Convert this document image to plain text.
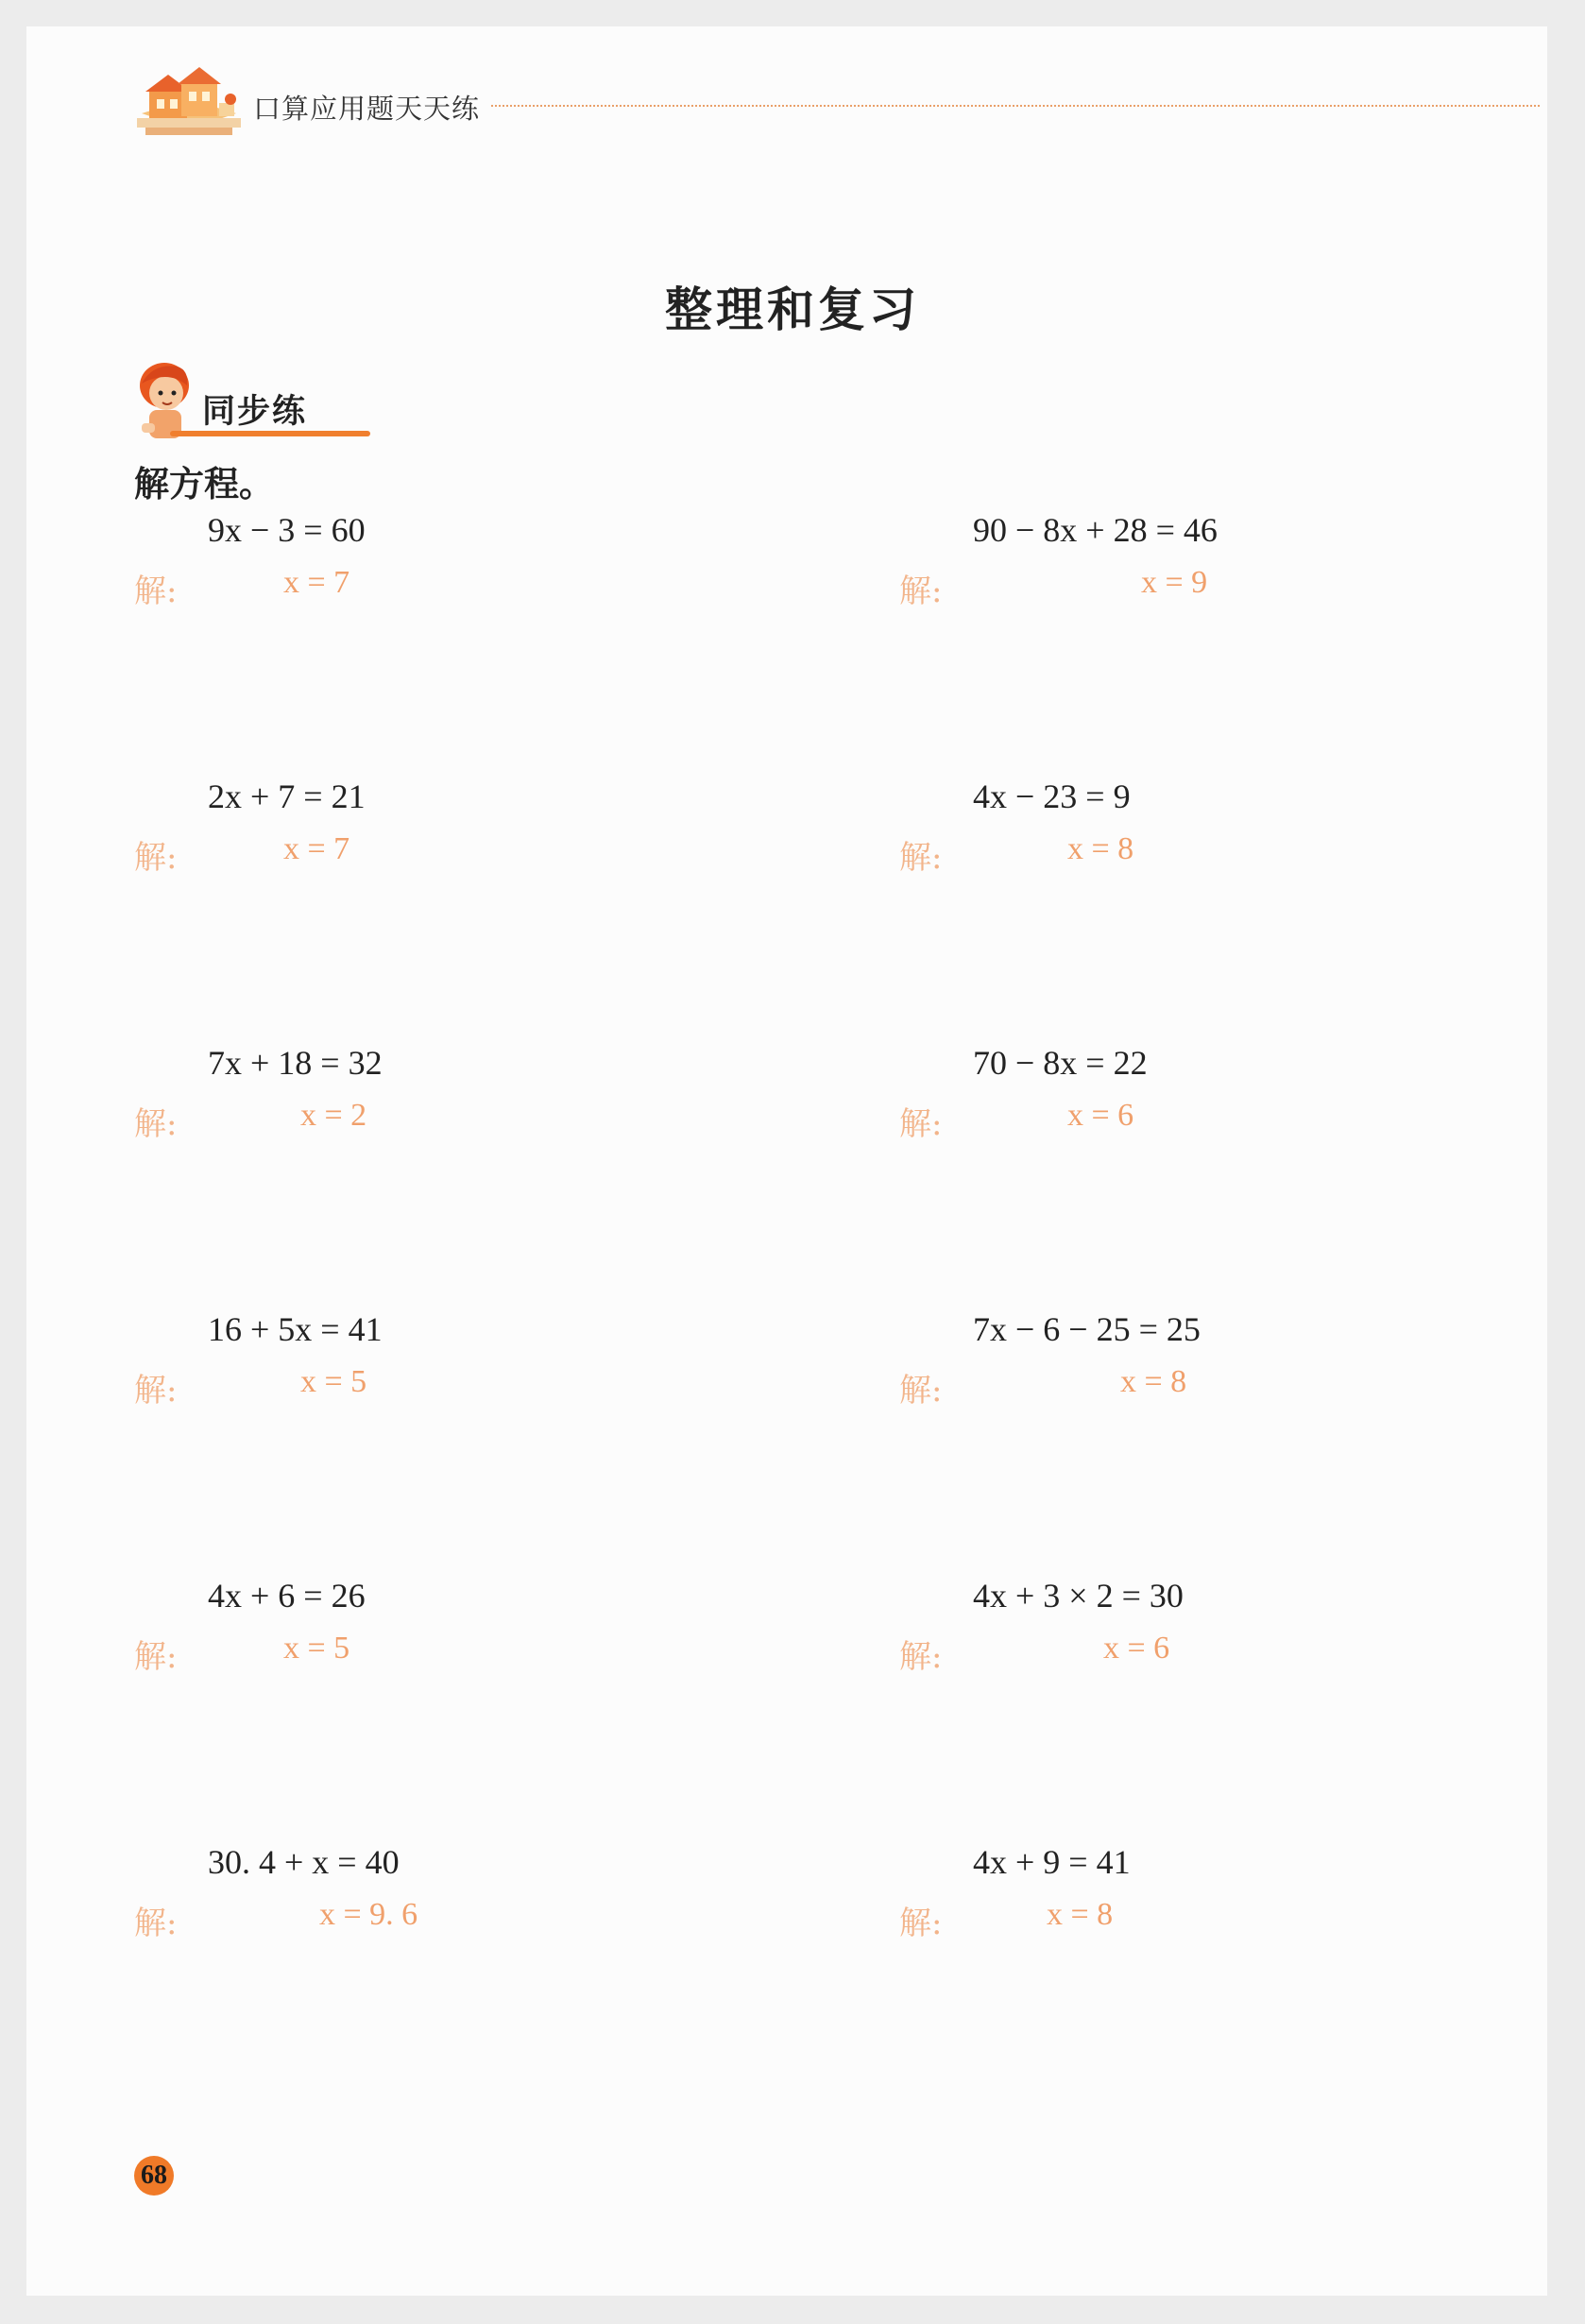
口算应用题天天练
整理和复习
同步练
解方程。
9x − 3 = 60
解:	x = 7
90 − 8x + 28 = 46
解:	x = 9
2x + 7 = 21
解:	x = 7
4x − 23 = 9
解:	x = 8
7x + 18 = 32
解:	x = 2
70 − 8x = 22
解:	x = 6
16 + 5x = 41
解:	x = 5
7x − 6 − 25 = 25
解:	x = 8
4x + 6 = 26
解:	x = 5
4x + 3 × 2 = 30
解:	x = 6
30. 4 + x = 40
解:	x = 9. 6
4x + 9 = 41
解:	x = 8
68
